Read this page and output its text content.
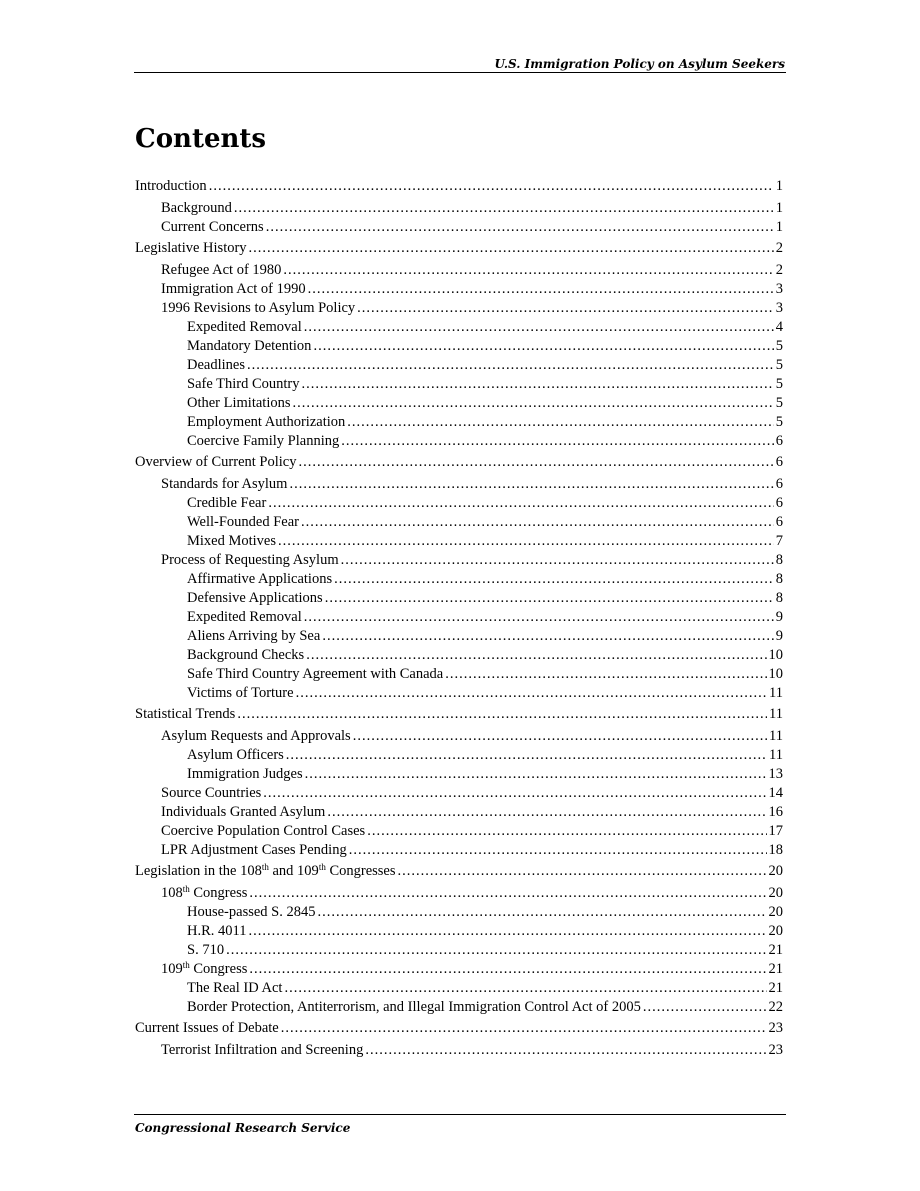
U.S. Immigration Policy on Asylum Seekers
Contents
Introduction .....	1
Background .....	1
Current Concerns .....	1
Legislative History .....	2
Refugee Act of 1980 .....	2
Immigration Act of 1990 .....	3
1996 Revisions to Asylum Policy .....	3
Expedited Removal .....	4
Mandatory Detention .....	5
Deadlines .....	5
Safe Third Country .....	5
Other Limitations .....	5
Employment Authorization .....	5
Coercive Family Planning .....	6
Overview of Current Policy .....	6
Standards for Asylum .....	6
Credible Fear .....	6
Well-Founded Fear .....	6
Mixed Motives .....	7
Process of Requesting Asylum .....	8
Affirmative Applications .....	8
Defensive Applications .....	8
Expedited Removal .....	9
Aliens Arriving by Sea .....	9
Background Checks .....	10
Safe Third Country Agreement with Canada .....	10
Victims of Torture .....	11
Statistical Trends .....	11
Asylum Requests and Approvals .....	11
Asylum Officers .....	11
Immigration Judges .....	13
Source Countries .....	14
Individuals Granted Asylum .....	16
Coercive Population Control Cases .....	17
LPR Adjustment Cases Pending .....	18
Legislation in the 108th and 109th Congresses .....	20
108th Congress .....	20
House-passed S. 2845 .....	20
H.R. 4011 .....	20
S. 710 .....	21
109th Congress .....	21
The Real ID Act .....	21
Border Protection, Antiterrorism, and Illegal Immigration Control Act of 2005 .....	22
Current Issues of Debate .....	23
Terrorist Infiltration and Screening .....	23
Congressional Research Service
